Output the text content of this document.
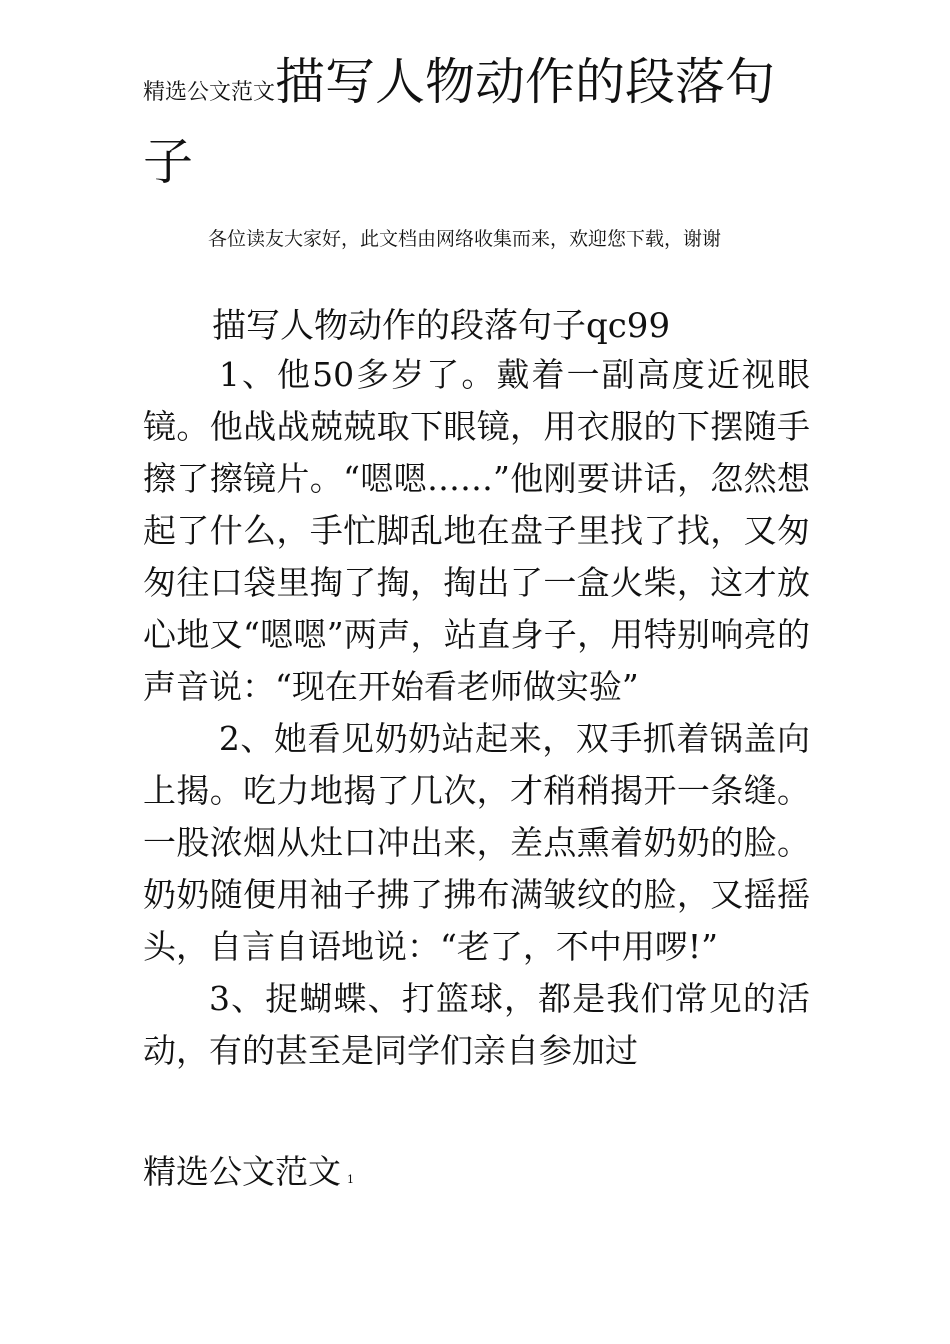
精选公文范文描写人物动作的段落句子
各位读友大家好，此文档由网络收集而来，欢迎您下载，谢谢
描写人物动作的段落句子qc99

1、他50多岁了。戴着一副高度近视眼镜。他战战兢兢取下眼镜，用衣服的下摆随手擦了擦镜片。“嗯嗯……”他刚要讲话，忽然想起了什么，手忙脚乱地在盘子里找了找，又匆匆往口袋里掏了掏，掏出了一盒火柴，这才放心地又“嗯嗯”两声，站直身子，用特别响亮的声音说：“现在开始看老师做实验”

2、她看见奶奶站起来，双手抓着锅盖向上揭。吃力地揭了几次，才稍稍揭开一条缝。一股浓烟从灶口冲出来，差点熏着奶奶的脸。奶奶随便用袖子拂了拂布满皱纹的脸，又摇摇头，自言自语地说：“老了，不中用啰!”

3、捉蝴蝶、打篮球，都是我们常见的活动，有的甚至是同学们亲自参加过

精选公文范文 1
